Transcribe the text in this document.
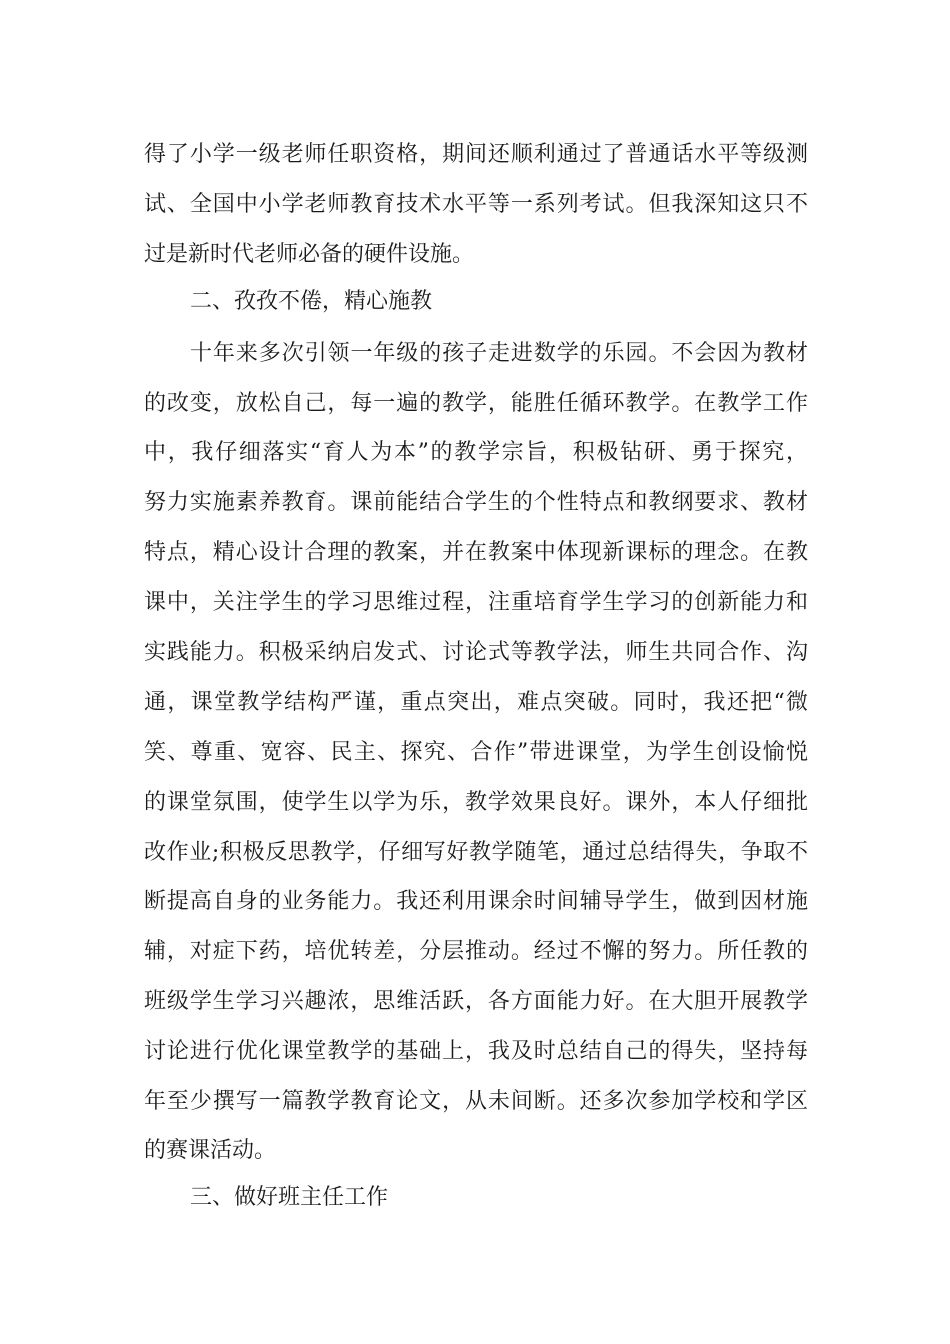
得了小学一级老师任职资格，期间还顺利通过了普通话水平等级测
试、全国中小学老师教育技术水平等一系列考试。但我深知这只不
过是新时代老师必备的硬件设施。
二、孜孜不倦，精心施教
十年来多次引领一年级的孩子走进数学的乐园。不会因为教材
的改变，放松自己，每一遍的教学，能胜任循环教学。在教学工作
中，我仔细落实“育人为本”的教学宗旨，积极钻研、勇于探究，
努力实施素养教育。课前能结合学生的个性特点和教纲要求、教材
特点，精心设计合理的教案，并在教案中体现新课标的理念。在教
课中，关注学生的学习思维过程，注重培育学生学习的创新能力和
实践能力。积极采纳启发式、讨论式等教学法，师生共同合作、沟
通，课堂教学结构严谨，重点突出，难点突破。同时，我还把“微
笑、尊重、宽容、民主、探究、合作”带进课堂，为学生创设愉悦
的课堂氛围，使学生以学为乐，教学效果良好。课外，本人仔细批
改作业;积极反思教学，仔细写好教学随笔，通过总结得失，争取不
断提高自身的业务能力。我还利用课余时间辅导学生，做到因材施
辅，对症下药，培优转差，分层推动。经过不懈的努力。所任教的
班级学生学习兴趣浓，思维活跃，各方面能力好。在大胆开展教学
讨论进行优化课堂教学的基础上，我及时总结自己的得失，坚持每
年至少撰写一篇教学教育论文，从未间断。还多次参加学校和学区
的赛课活动。
三、做好班主任工作
